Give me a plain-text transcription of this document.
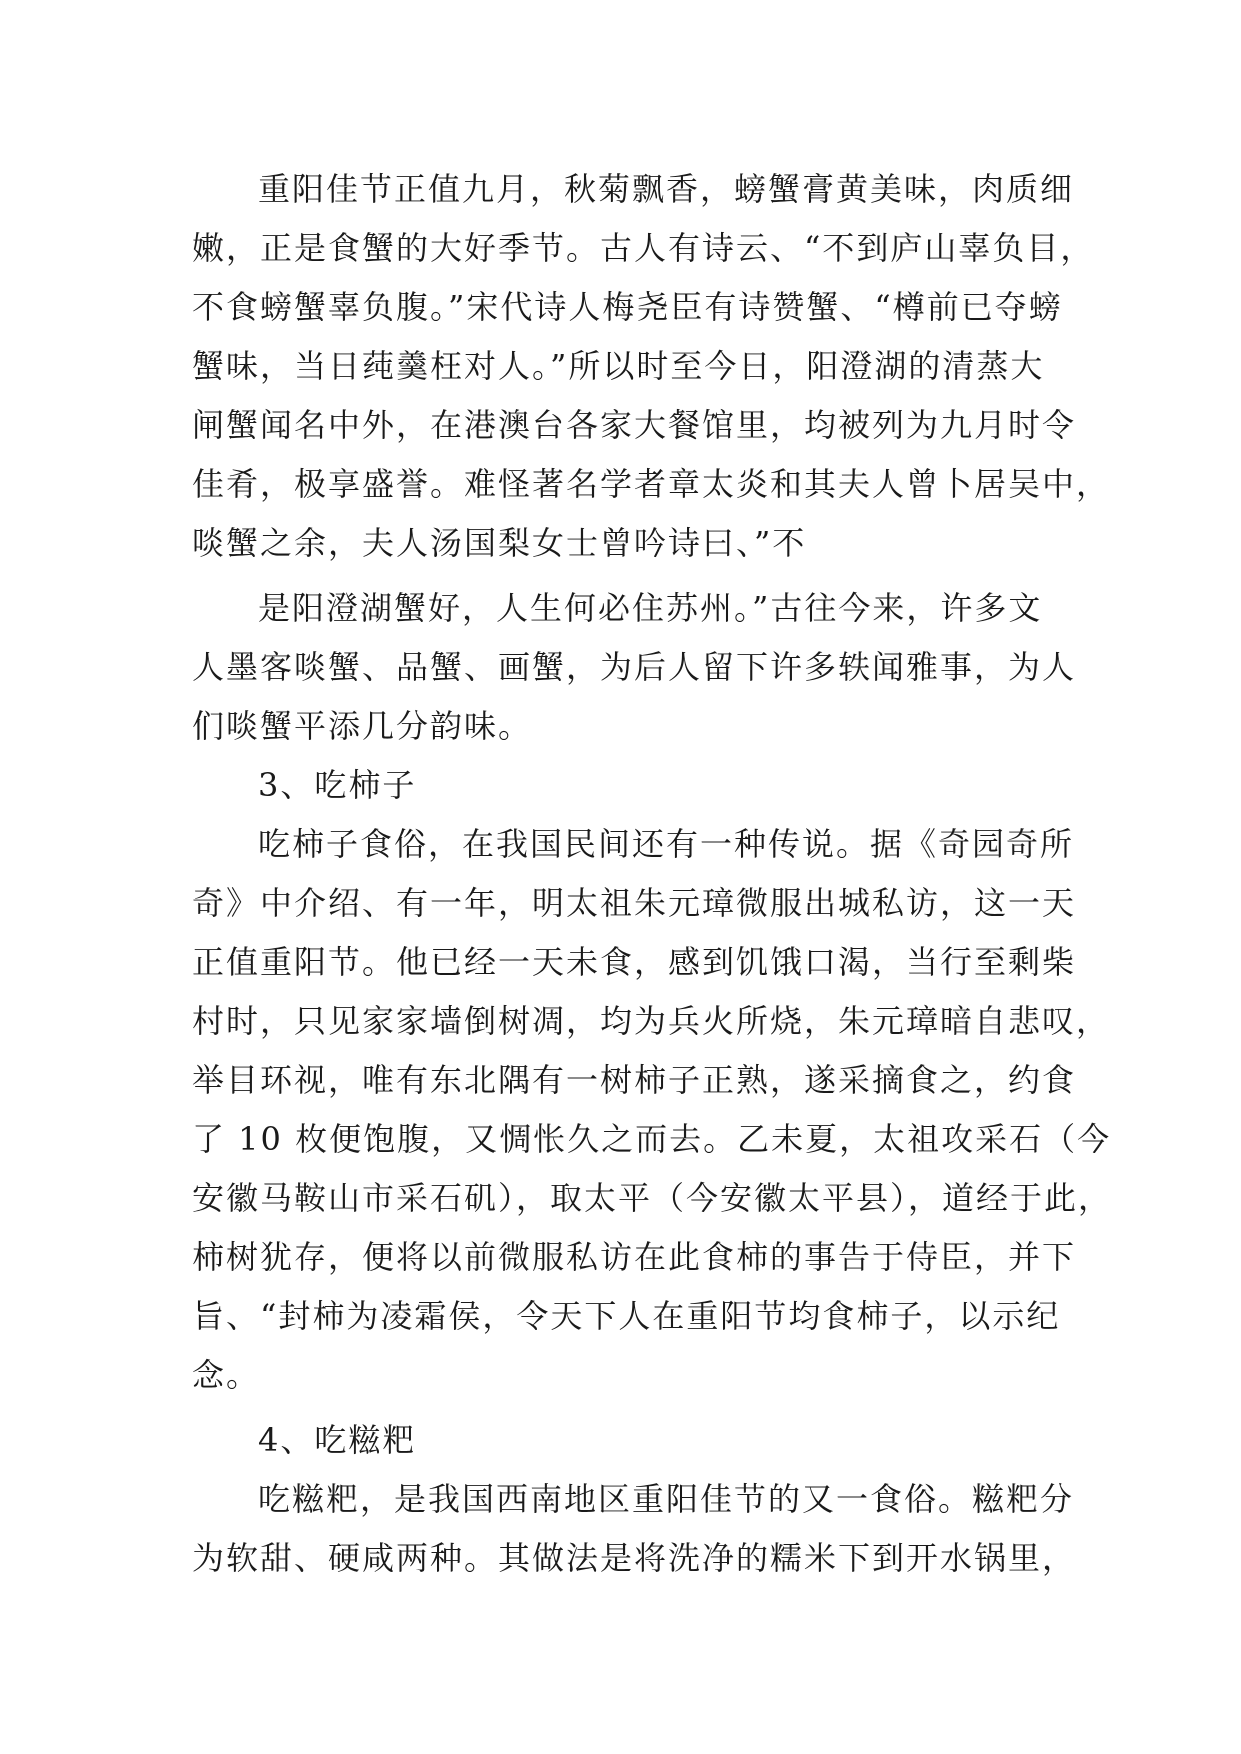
重阳佳节正值九月，秋菊飘香，螃蟹膏黄美味，肉质细
嫩，正是食蟹的大好季节。古人有诗云、“不到庐山辜负目，
不食螃蟹辜负腹。”宋代诗人梅尧臣有诗赞蟹、“樽前已夺螃
蟹味，当日莼羹枉对人。”所以时至今日，阳澄湖的清蒸大
闸蟹闻名中外，在港澳台各家大餐馆里，均被列为九月时令
佳肴，极享盛誉。难怪著名学者章太炎和其夫人曾卜居吴中，
啖蟹之余，夫人汤国梨女士曾吟诗曰、”不
是阳澄湖蟹好，人生何必住苏州。”古往今来，许多文
人墨客啖蟹、品蟹、画蟹，为后人留下许多轶闻雅事，为人
们啖蟹平添几分韵味。
3、吃柿子
吃柿子食俗，在我国民间还有一种传说。据《奇园奇所
奇》中介绍、有一年，明太祖朱元璋微服出城私访，这一天
正值重阳节。他已经一天未食，感到饥饿口渴，当行至剩柴
村时，只见家家墙倒树凋，均为兵火所烧，朱元璋暗自悲叹，
举目环视，唯有东北隅有一树柿子正熟，遂采摘食之，约食
了 10 枚便饱腹，又惆怅久之而去。乙未夏，太祖攻采石（今
安徽马鞍山市采石矶），取太平（今安徽太平县），道经于此，
柿树犹存，便将以前微服私访在此食柿的事告于侍臣，并下
旨、“封柿为凌霜侯，令天下人在重阳节均食柿子，以示纪
念。
4、吃糍粑
吃糍粑，是我国西南地区重阳佳节的又一食俗。糍粑分
为软甜、硬咸两种。其做法是将洗净的糯米下到开水锅里，
